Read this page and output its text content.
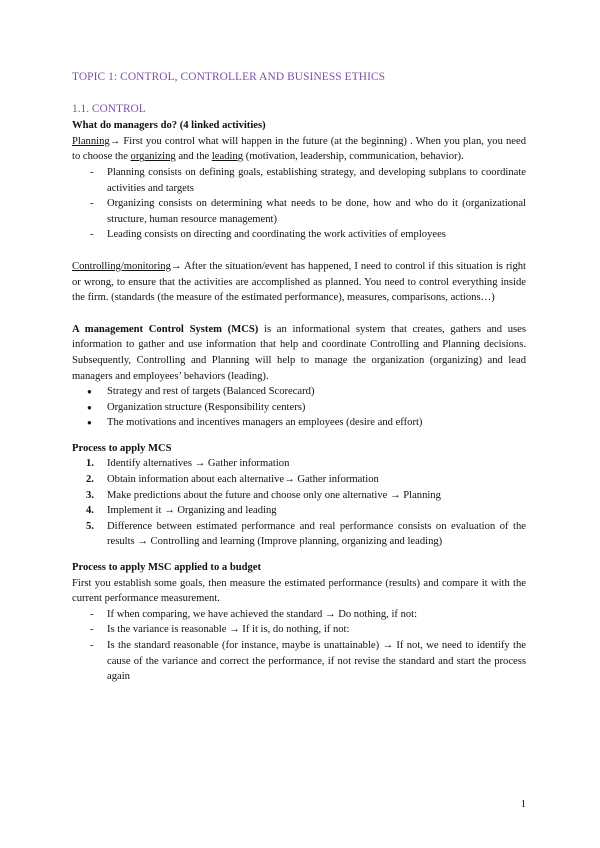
TOPIC 1: CONTROL, CONTROLLER AND BUSINESS ETHICS
1.1. CONTROL
What do managers do? (4 linked activities)

Planning→ First you control what will happen in the future (at the beginning) . When you plan, you need to choose the organizing and the leading (motivation, leadership, communication, behavior).

- Planning consists on defining goals, establishing strategy, and developing subplans to coordinate activities and targets
- Organizing consists on determining what needs to be done, how and who do it (organizational structure, human resource management)
- Leading consists on directing and coordinating the work activities of employees

Controlling/monitoring→ After the situation/event has happened, I need to control if this situation is right or wrong, to ensure that the activities are accomplished as planned. You need to control everything inside the firm. (standards (the measure of the estimated performance), measures, comparisons, actions…)

A management Control System (MCS) is an informational system that creates, gathers and uses information to gather and use information that help and coordinate Controlling and Planning decisions. Subsequently, Controlling and Planning will help to manage the organization (organizing) and lead managers and employees’ behaviors (leading).

● Strategy and rest of targets (Balanced Scorecard)
● Organization structure (Responsibility centers)
● The motivations and incentives managers an employees (desire and effort)
Process to apply MCS
1. Identify alternatives → Gather information
2. Obtain information about each alternative→ Gather information
3. Make predictions about the future and choose only one alternative → Planning
4. Implement it → Organizing and leading
5. Difference between estimated performance and real performance consists on evaluation of the results → Controlling and learning (Improve planning, organizing and leading)
Process to apply MSC applied to a budget

First you establish some goals, then measure the estimated performance (results) and compare it with the current performance measurement.

- If when comparing, we have achieved the standard → Do nothing, if not:
- Is the variance is reasonable → If it is, do nothing, if not:
- Is the standard reasonable (for instance, maybe is unattainable) → If not, we need to identify the cause of the variance and correct the performance, if not revise the standard and start the process again
1
